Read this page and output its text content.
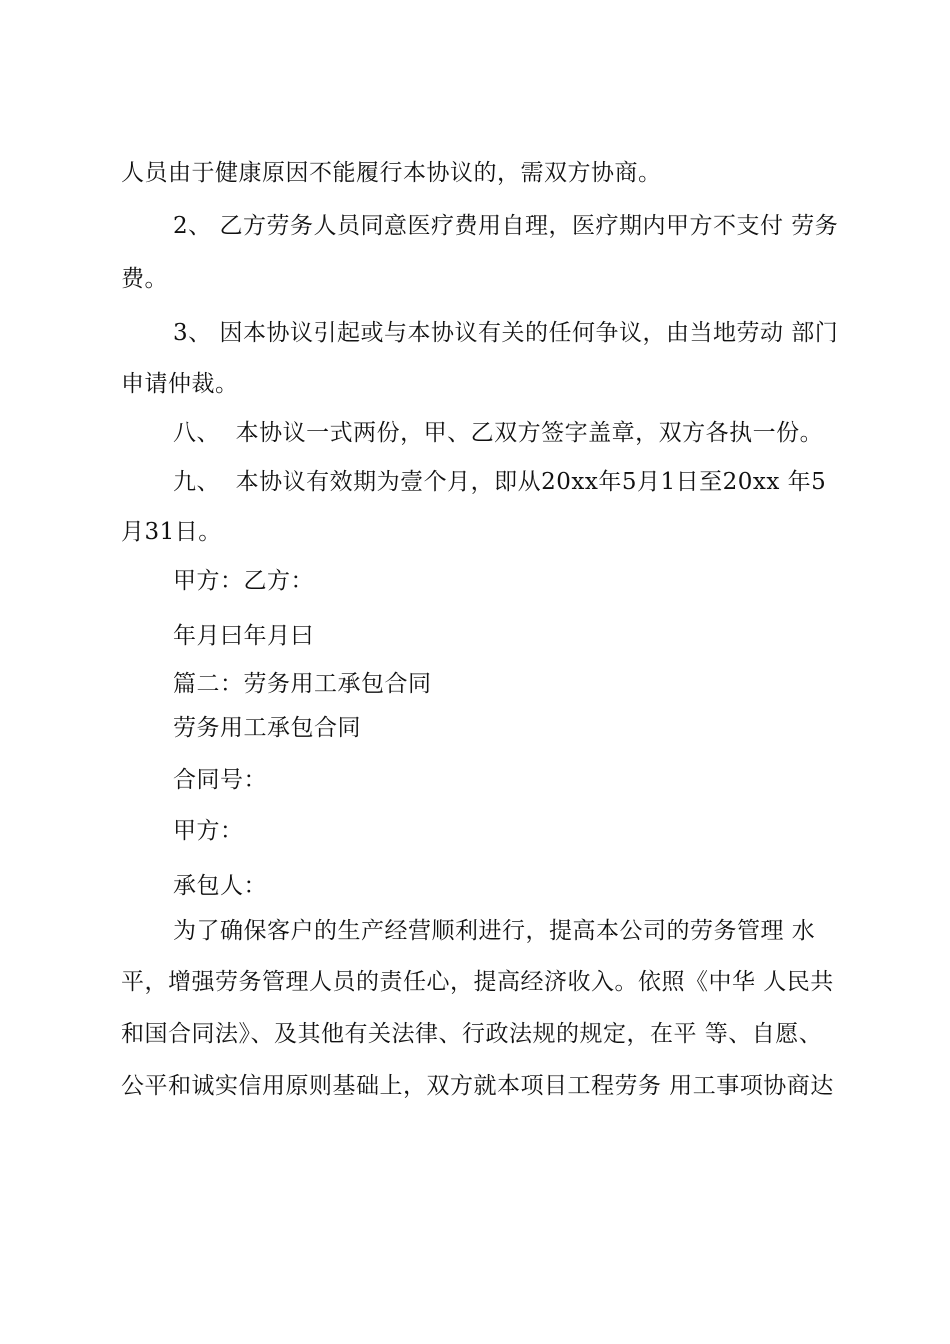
人员由于健康原因不能履行本协议的，需双方协商。
2、 乙方劳务人员同意医疗费用自理，医疗期内甲方不支付 劳务
费。
3、 因本协议引起或与本协议有关的任何争议，由当地劳动 部门
申请仲裁。
八、  本协议一式两份，甲、乙双方签字盖章，双方各执一份。
九、  本协议有效期为壹个月，即从20xx年5月1日至20xx 年5
月31日。
甲方：乙方：
年月曰年月曰
篇二：劳务用工承包合同
劳务用工承包合同
合同号：
甲方：
承包人：
为了确保客户的生产经营顺利进行，提高本公司的劳务管理 水
平，增强劳务管理人员的责任心，提高经济收入。依照《中华 人民共
和国合同法》、及其他有关法律、行政法规的规定，在平 等、自愿、
公平和诚实信用原则基础上，双方就本项目工程劳务 用工事项协商达
